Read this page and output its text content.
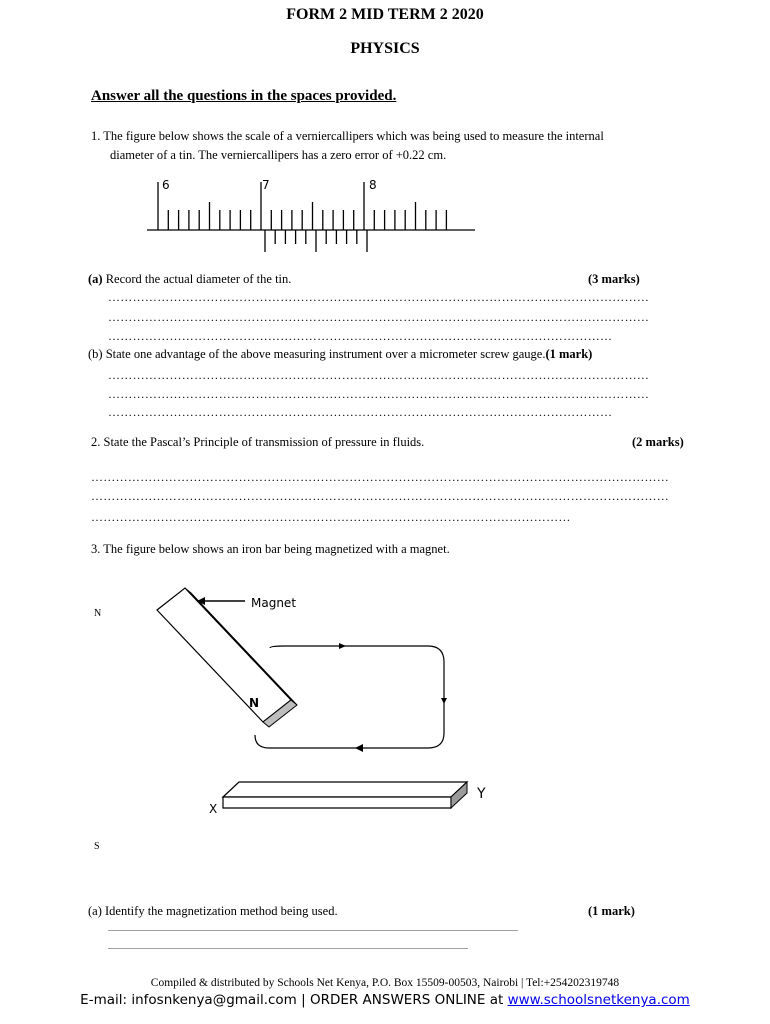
FORM 2 MID TERM 2 2020
PHYSICS
Answer all the questions in the spaces provided.
1. The figure below shows the scale of a verniercallipers which was being used to measure the internal
diameter of a tin. The verniercallipers has a zero error of +0.22 cm.
6	7	8
(a) Record the actual diameter of the tin.	(3 marks)
……………………………………………………………………………………………………………………
……………………………………………………………………………………………………………………
……………………………………………………………………………………………………………
(b) State one advantage of the above measuring instrument over a micrometer screw gauge.(1 mark)
……………………………………………………………………………………………………………………
……………………………………………………………………………………………………………………
……………………………………………………………………………………………………………
2. State the Pascal’s Principle of transmission of pressure in fluids.	(2 marks)
……………………………………………………………………………………………………………………………
……………………………………………………………………………………………………………………………
………………………………………………………………………………………………………
3. The figure below shows an iron bar being magnetized with a magnet.
N
S
Magnet
N
X
Y
(a) Identify the magnetization method being used.	(1 mark)
.............................................................................................................................................................................................................
....................................................................................................................................................................................
Compiled & distributed by Schools Net Kenya, P.O. Box 15509-00503, Nairobi | Tel:+254202319748
E-mail: infosnkenya@gmail.com | ORDER ANSWERS ONLINE at www.schoolsnetkenya.com
